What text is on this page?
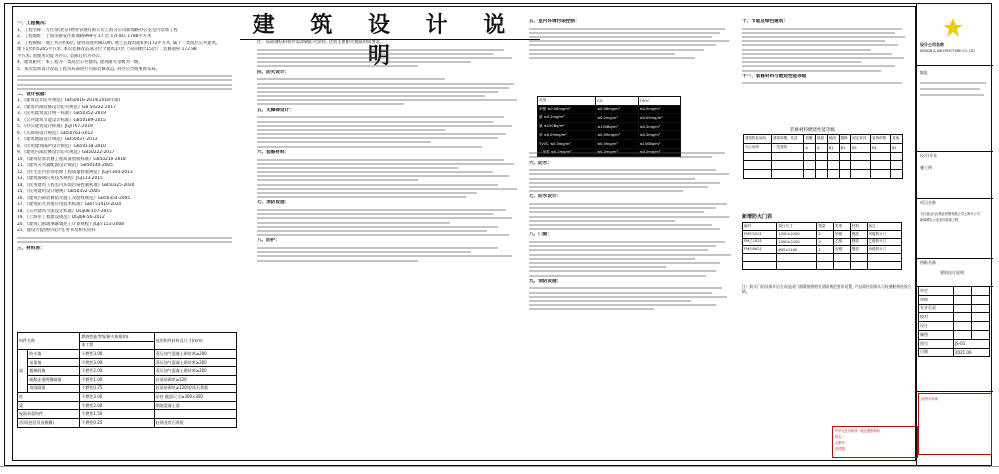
建 筑 设 计 说 明

一、工程概况：

1、工程名称：万仕谊(北京)物业管理有限公司上海分公司新闻路办公室室内装饰工程

2、工程地址：上海市静安区新闻路999号 17 层 17F(B), 1788平方米

3、工程规模：地上共計约6层, 建筑高度约80.0m, 地上总建筑面积约172平方米, 属于一类高层公共建筑,

地下1层约5265平方米, 本次装修改造部分位于建筑17层（实际楼层15层）, 装修面积 172.98

平方米, 原使用功能为办公, 装修后仍为办公。

4、建筑耐火：本工程为一类高层公共建筑, 建筑耐火等级为一级。

5、本次装饰设计改造工程为局部进行内部装修改造, 对办公空间重新布局。

二、设计依据：

1、《建筑设计防火规范》GB50016-2014(2018年版)

2、《建筑内部装修设计防火规范》GB 50222-2017

3、《民用建筑设计统一标准》GB50352-2019

4、《公共建筑节能设计标准》GB50189-2015

5、《办公建筑设计标准》JGJ/T67-2019

6、《无障碍设计规范》GB50763-2012

7、《建筑地面设计规范》GB50037-2013

8、《民用建筑隔声设计规范》GB50118-2010

9、《建筑内部装修设计防火规范》GB50222-2017

10、《建筑装饰装修工程质量验收标准》GB50210-2018

11、《建筑灭火器配置设计规范》GB50140-2005

12、《住宅室内装饰装修工程质量验收规范》JGJ/T304-2013

13、《建筑玻璃应用技术规程》JGJ113-2015

14、《民用建筑工程室内环境污染控制标准》GB50325-2020

15、《民用建筑设计通则》GB50352-2005

16、《建筑内部装修防火施工及验收规范》GB50354-2005

17、《建筑防火封堵应用技术标准》GB/T51410-2020

18、《公共建筑节能设计标准》DGJ08-107-2015

19、《上海市工程建设规范》DGJ08-56-2012

20、《建筑门窗玻璃幕墙热工计算规程》JGJ/T151-2008

21、建设方提供的设计任务书及相关资料

三、材料表：

构件名称		燃烧性能等级/耐火极限(h)	选用构件材料及尺寸(mm)
		本工程	
墙	防火墙	不燃性3.00	蒸压加气混凝土砌块厚≥200
	承重墙	不燃性3.00	蒸压加气混凝土砌块厚≥200
	楼梯间墙	不燃性2.00	蒸压加气混凝土砌块厚≥200
	疏散走道两侧隔墙	不燃性1.00	轻质砖砌块≥120
	房间隔墙	不燃性0.75	轻质砖砌块≥120/轻质石膏板
柱		不燃性3.00	砼柱 截面尺寸≥300×300
梁		不燃性2.00	钢筋混凝土梁
屋面承重构件		不燃性1.50	
吊顶(包括吊顶搁栅)		不燃性0.25	轻钢龙骨石膏板

注：局部钢结构构件需涂刷防火涂料, 达到主要耐火极限时间要求。

四、防火设计：

五、无障碍设计：

六、装修材料：

七、消防设施：

八、防护：

五、室内环境污染控制：

类别	CO	TVOC
甲醛 ≤0.08mg/m³	≤0.08mg/m³	≤0.5mg/m³
氨 ≤0.2mg/m³	≤0.2mg/m³	≤0.09mg/m³
氡 ≤150Bq/m³	≤150Bq/m³	≤0.2mg/m³
苯 ≤0.09mg/m³	≤0.09mg/m³	≤0.2mg/m³
TVOC ≤0.5mg/m³	≤0.5mg/m³	≤150Bq/m³
二甲苯 ≤0.2mg/m³	≤0.2mg/m³	≤0.2mg/m³

六、防水：

七、防水设计：

八、门窗：

九、消防设施：

十、节能及绿色建筑：

十一、装修材料与燃烧性能等级

装修材料燃烧性能等级
建筑物及场所	建筑规模、性质	顶棚	墙面	地面	隔断	固定家具	装饰织物	其他
办公场所	一类建筑	A	A	B1	B1	B1	B1	B1

新增防火门表
编号	洞口尺寸	数量	类型	材料	备注
FM甲1021	1000×2100	2	甲级	钢质	甲级防火门
FM乙1021	1000×2100	3	乙级	钢质	乙级防火门
FM丙0621	600×2100	1	丙级	钢质	丙级防火门

注：防火门的具体开启方向及闭门器需按照相关消防规范要求设置, 产品需经国家认可检测机构检验合格。
设计公司名称
DESIGN & ARCHITECTURE CO.,LTD
地址
设计/专业
施工图
项目名称
万仕谊(北京)物业管理有限公司上海分公司
新闻路办公室室内装饰工程
图纸名称
建筑设计说明
审定		
审核		
专业负责		
校对		
设计		
制图		
图号	JS-01	
日期	2021.06	
出图专用章
中华人民共和国一级注册建筑师
姓名：
注册号：
有效期：
